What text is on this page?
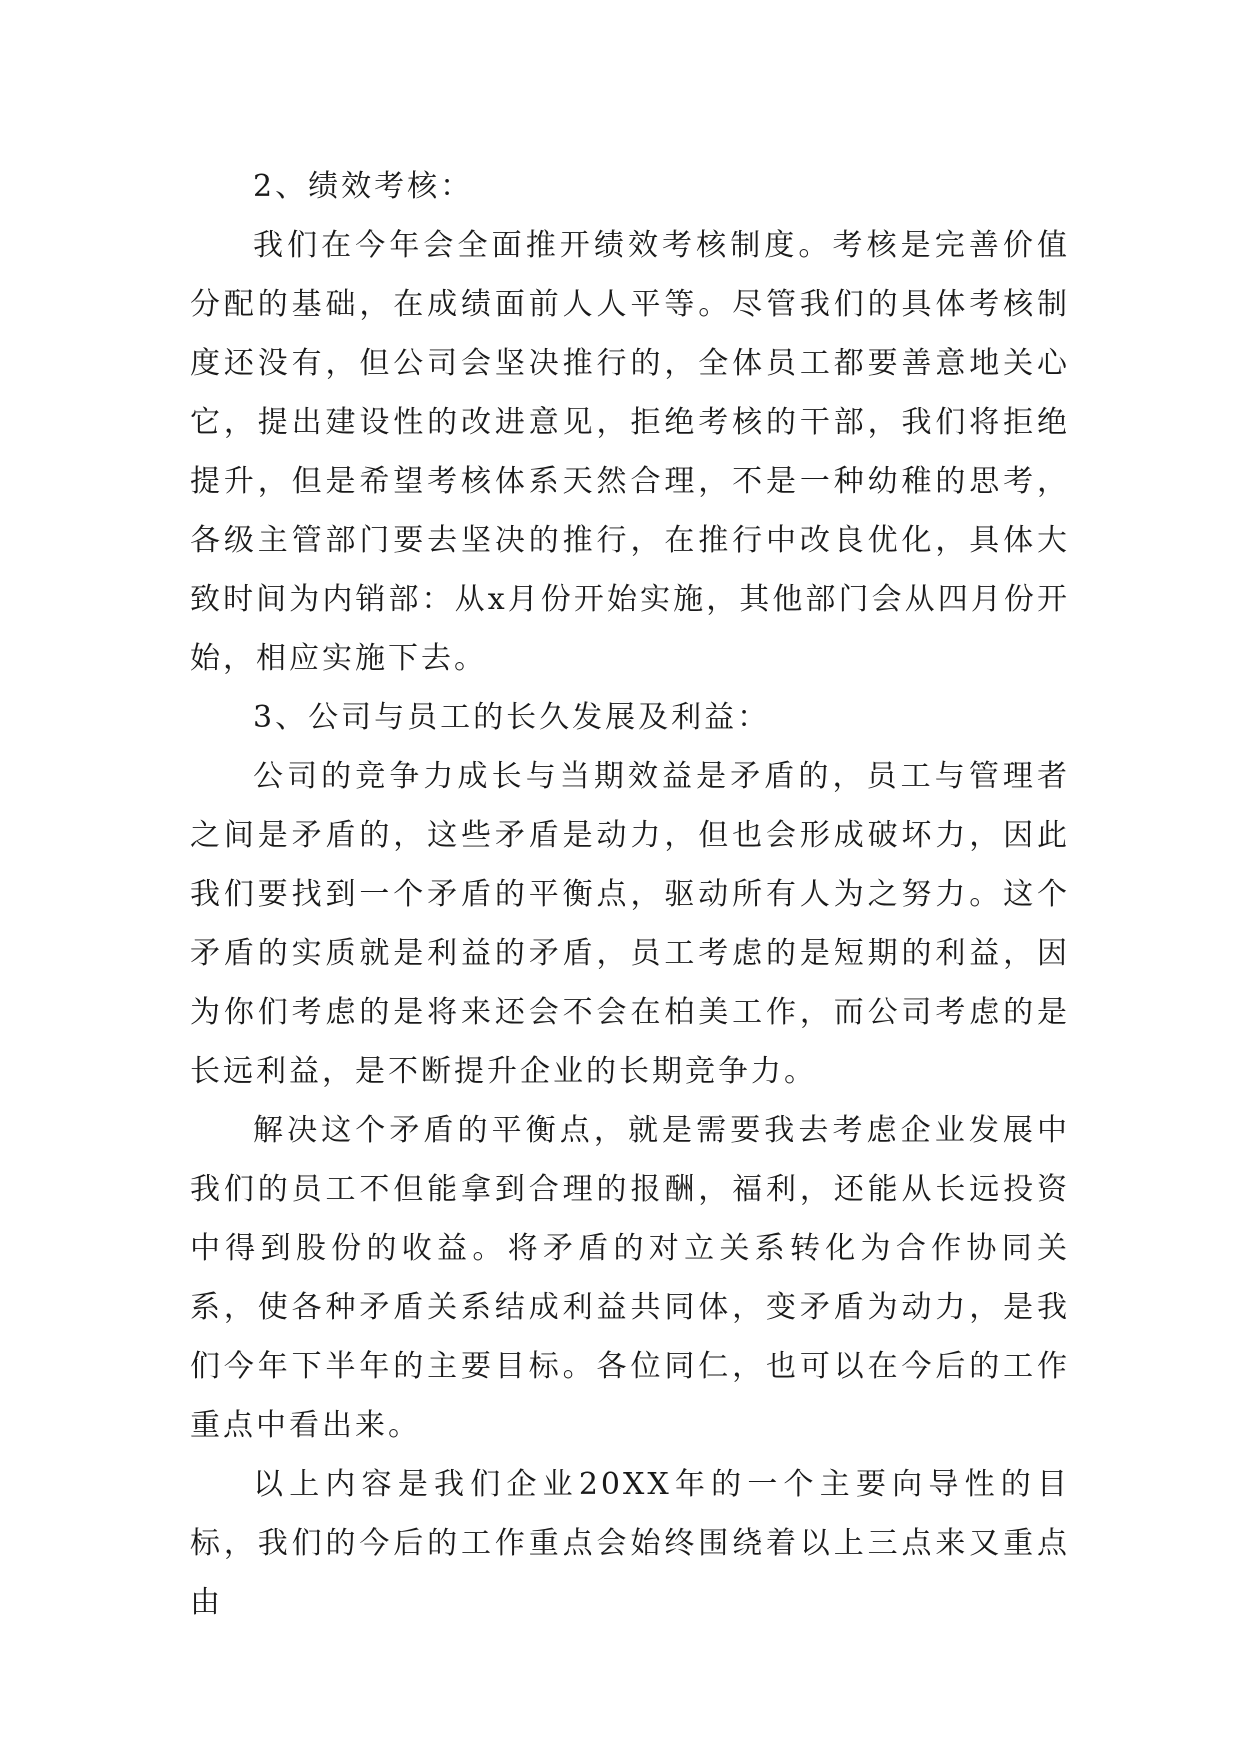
2、绩效考核：

我们在今年会全面推开绩效考核制度。考核是完善价值分配的基础，在成绩面前人人平等。尽管我们的具体考核制度还没有，但公司会坚决推行的，全体员工都要善意地关心它，提出建设性的改进意见，拒绝考核的干部，我们将拒绝提升，但是希望考核体系天然合理，不是一种幼稚的思考，各级主管部门要去坚决的推行，在推行中改良优化，具体大致时间为内销部：从x月份开始实施，其他部门会从四月份开始，相应实施下去。

3、公司与员工的长久发展及利益：

公司的竞争力成长与当期效益是矛盾的，员工与管理者之间是矛盾的，这些矛盾是动力，但也会形成破坏力，因此我们要找到一个矛盾的平衡点，驱动所有人为之努力。这个矛盾的实质就是利益的矛盾，员工考虑的是短期的利益，因为你们考虑的是将来还会不会在柏美工作，而公司考虑的是长远利益，是不断提升企业的长期竞争力。

解决这个矛盾的平衡点，就是需要我去考虑企业发展中我们的员工不但能拿到合理的报酬，福利，还能从长远投资中得到股份的收益。将矛盾的对立关系转化为合作协同关系，使各种矛盾关系结成利益共同体，变矛盾为动力，是我们今年下半年的主要目标。各位同仁，也可以在今后的工作重点中看出来。

以上内容是我们企业20XX年的一个主要向导性的目标，我们的今后的工作重点会始终围绕着以上三点来又重点由
